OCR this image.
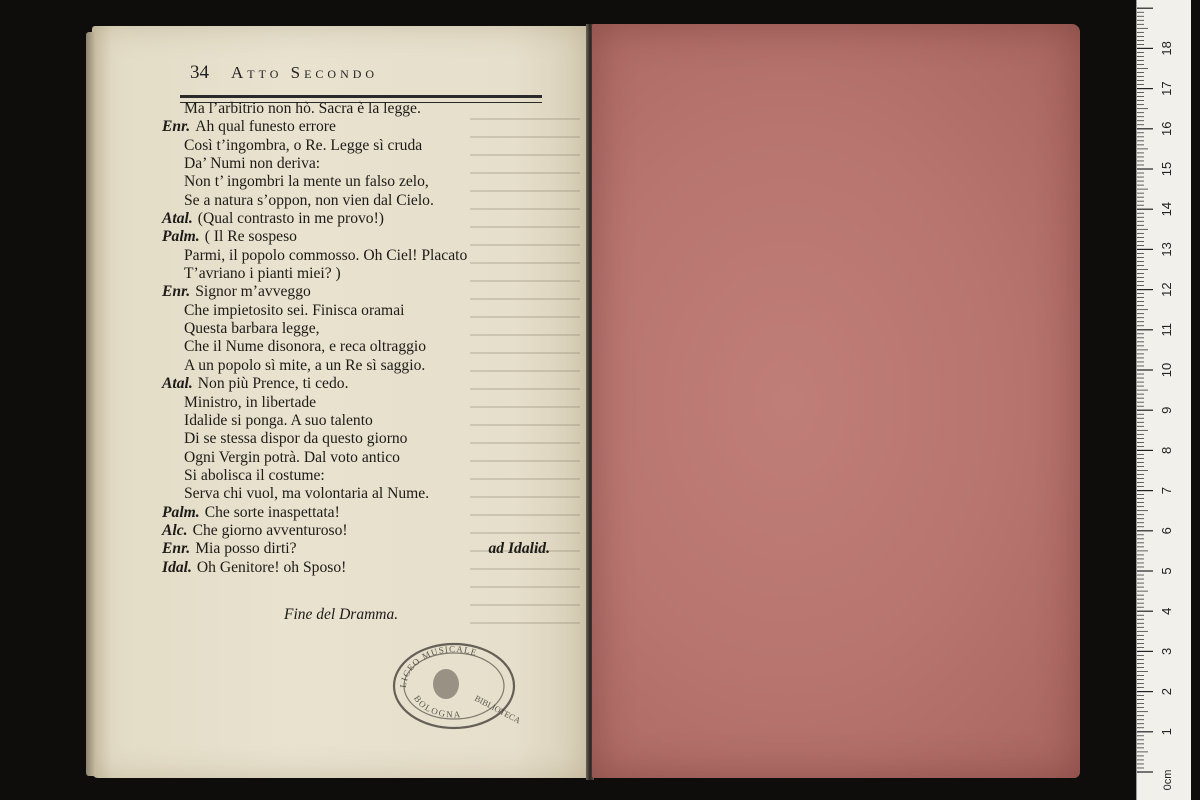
34 Atto Secondo
Ma l’arbitrio non hò. Sacra è la legge.
Enr. Ah qual funesto errore
Così t’ingombra, o Re. Legge sì cruda
Da’ Numi non deriva:
Non t’ ingombri la mente un falso zelo,
Se a natura s’oppon, non vien dal Cielo.
Atal. (Qual contrasto in me provo!)
Palm. ( Il Re sospeso
Parmi, il popolo commosso. Oh Ciel! Placato
T’avriano i pianti miei? )
Enr. Signor m’avveggo
Che impietosito sei. Finisca oramai
Questa barbara legge,
Che il Nume disonora, e reca oltraggio
A un popolo sì mite, a un Re sì saggio.
Atal. Non più Prence, ti cedo.
Ministro, in libertade
Idalide si ponga. A suo talento
Di se stessa dispor da questo giorno
Ogni Vergin potrà. Dal voto antico
Si abolisca il costume:
Serva chi vuol, ma volontaria al Nume.
Palm. Che sorte inaspettata!
Alc. Che giorno avventuroso!
Enr. Mia posso dirti?	ad Idalid.
Idal. Oh Genitore! oh Sposo!
Fine del Dramma.
LICEO MUSICALE
BOLOGNA BIBLIOTECA
1
2
3
4
5
6
7
8
9
10
11
12
13
14
15
16
17
18
0cm
